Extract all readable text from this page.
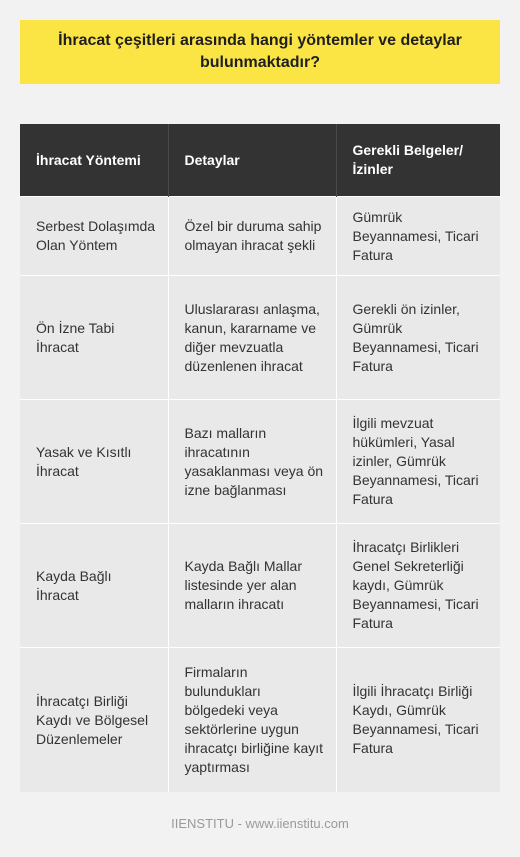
İhracat çeşitleri arasında hangi yöntemler ve detaylar bulunmaktadır?
İhracat Yöntemi	Detaylar	Gerekli Belgeler/ İzinler
Serbest Dolaşımda Olan Yöntem	Özel bir duruma sahip olmayan ihracat şekli	Gümrük Beyannamesi, Ticari Fatura
Ön İzne Tabi İhracat	Uluslararası anlaşma, kanun, kararname ve diğer mevzuatla düzenlenen ihracat	Gerekli ön izinler, Gümrük Beyannamesi, Ticari Fatura
Yasak ve Kısıtlı İhracat	Bazı malların ihracatının yasaklanması veya ön izne bağlanması	İlgili mevzuat hükümleri, Yasal izinler, Gümrük Beyannamesi, Ticari Fatura
Kayda Bağlı İhracat	Kayda Bağlı Mallar listesinde yer alan malların ihracatı	İhracatçı Birlikleri Genel Sekreterliği kaydı, Gümrük Beyannamesi, Ticari Fatura
İhracatçı Birliği Kaydı ve Bölgesel Düzenlemeler	Firmaların bulundukları bölgedeki veya sektörlerine uygun ihracatçı birliğine kayıt yaptırması	İlgili İhracatçı Birliği Kaydı, Gümrük Beyannamesi, Ticari Fatura
IIENSTITU - www.iienstitu.com
